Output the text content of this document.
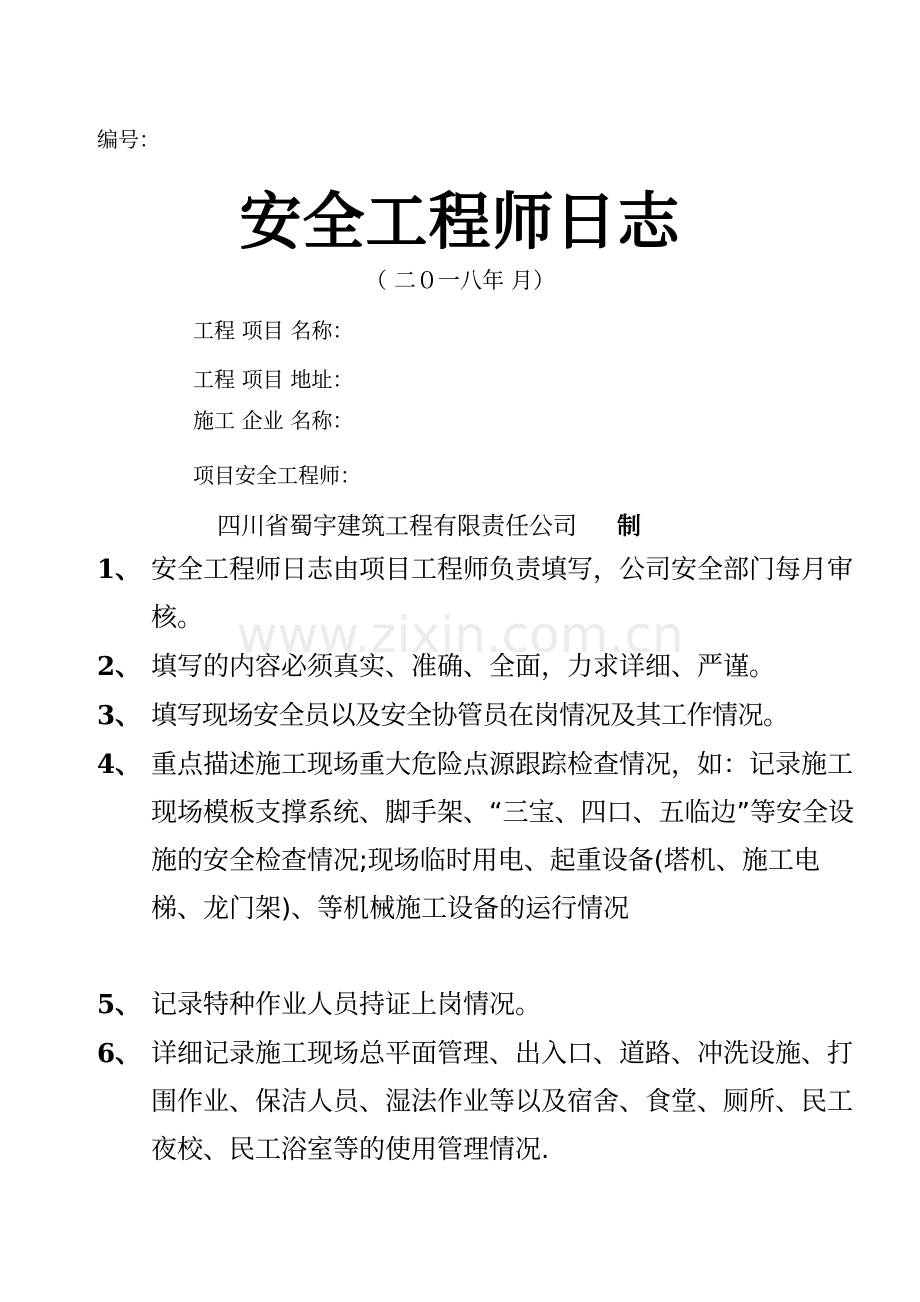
编号：
安全工程师日志
（ 二０一八年 月）
工程 项目 名称：
工程 项目 地址：
施工 企业 名称：
项目安全工程师：
四川省蜀宇建筑工程有限责任公司 制
www.zixin.com.cn
1、 安全工程师日志由项目工程师负责填写，公司安全部门每月审核。
2、 填写的内容必须真实、准确、全面，力求详细、严谨。
3、 填写现场安全员以及安全协管员在岗情况及其工作情况。
4、 重点描述施工现场重大危险点源跟踪检查情况，如：记录施工现场模板支撑系统、脚手架、“三宝、四口、五临边”等安全设施的安全检查情况;现场临时用电、起重设备(塔机、施工电梯、龙门架)、等机械施工设备的运行情况
5、 记录特种作业人员持证上岗情况。
6、 详细记录施工现场总平面管理、出入口、道路、冲洗设施、打围作业、保洁人员、湿法作业等以及宿舍、食堂、厕所、民工夜校、民工浴室等的使用管理情况.
